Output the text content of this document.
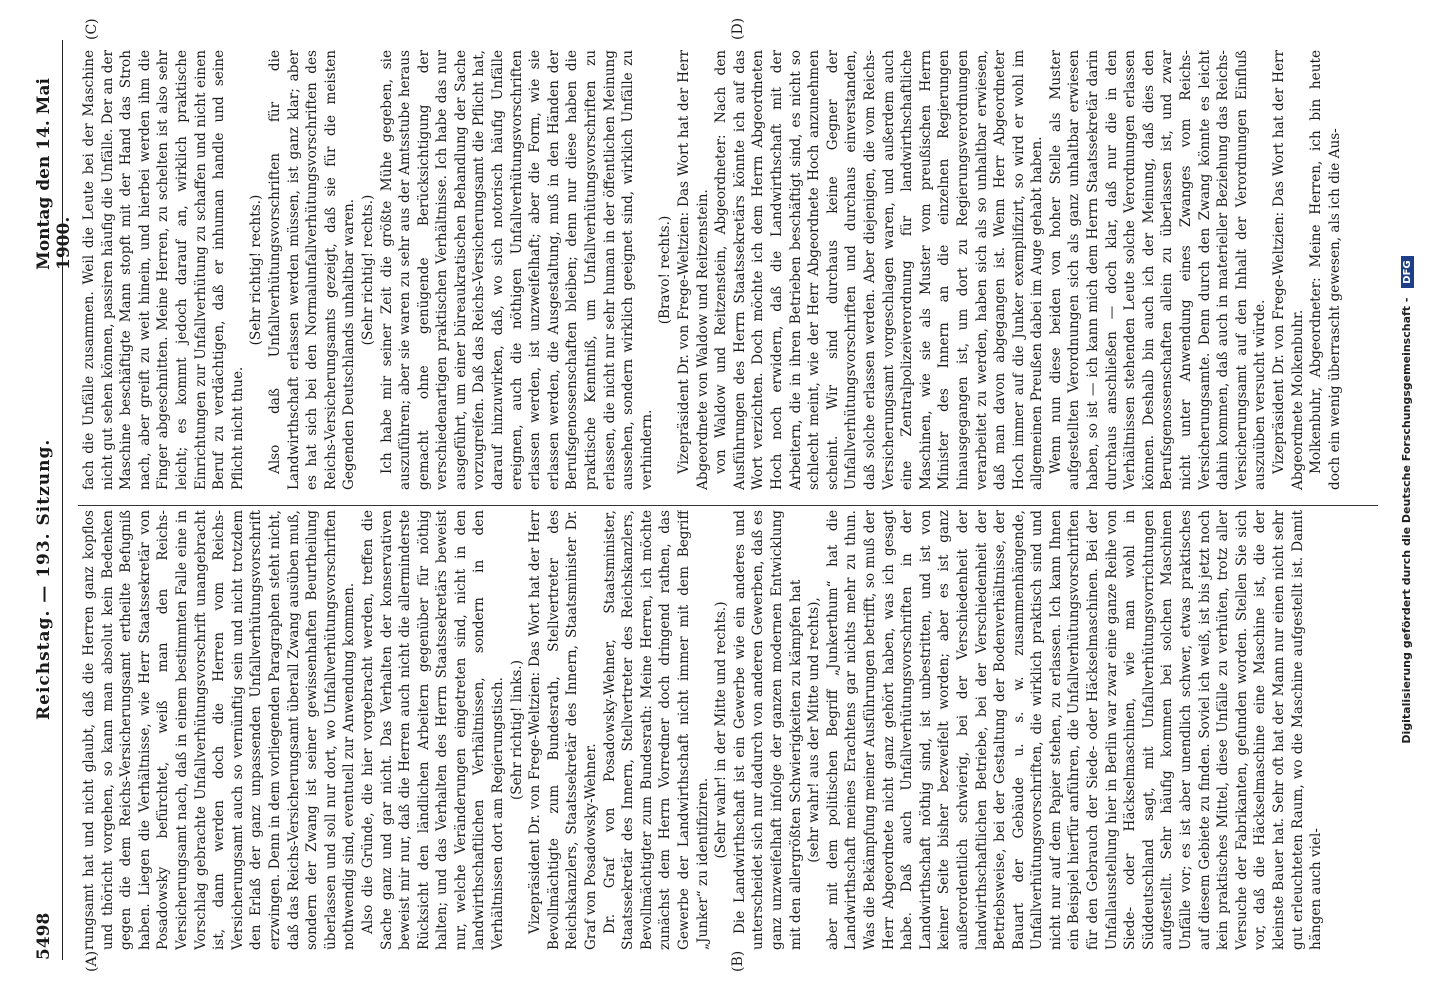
5498
Reichstag. — 193. Sitzung.
Montag den 14. Mai 1900.
(A)	(B)
(C)	(D)

rungsamt hat und nicht glaubt, daß die Herren ganz kopflos und thöricht vorgehen, so kann man absolut kein Bedenken gegen die dem Reichs-Versicherungsamt ertheilte Befugniß haben. Liegen die Verhältnisse, wie Herr Staatssekretär von Posadowsky befürchtet, weiß man den Reichs-Versicherungsamt nach, daß in einem bestimmten Falle eine in Vorschlag gebrachte Unfallverhütungsvorschrift unangebracht ist, dann werden doch die Herren vom Reichs-Versicherungsamt auch so vernünftig sein und nicht trotzdem den Erlaß der ganz unpassenden Unfallverhütungsvorschrift erzwingen. Denn in dem vorliegenden Paragraphen steht nicht, daß das Reichs-Versicherungsamt überall Zwang ausüben muß, sondern der Zwang ist seiner gewissenhaften Beurtheilung überlassen und soll nur dort, wo Unfallverhütungsvorschriften nothwendig sind, eventuell zur Anwendung kommen. Also die Gründe, die hier vorgebracht werden, treffen die Sache ganz und gar nicht. Das Verhalten der konservativen beweist mir nur, daß die Herren auch nicht die allerminderste Rücksicht den ländlichen Arbeitern gegenüber für nöthig halten; und das Verhalten des Herrn Staatssekretärs beweist nur, welche Veränderungen eingetreten sind, nicht in den landwirthschaftlichen Verhältnissen, sondern in den Verhältnissen dort am Regierungstisch. (Sehr richtig! links.) Vizepräsident Dr. von Frege-Weltzien: Das Wort hat der Herr Bevollmächtigte zum Bundesrath, Stellvertreter des Reichskanzlers, Staatssekretär des Innern, Staatsminister Dr. Graf von Posadowsky-Wehner. Dr. Graf von Posadowsky-Wehner, Staatsminister, Staatssekretär des Innern, Stellvertreter des Reichskanzlers, Bevollmächtigter zum Bundesrath: Meine Herren, ich möchte zunächst dem Herrn Vorredner doch dringend rathen, das Gewerbe der Landwirthschaft nicht immer mit dem Begriff „Junker“ zu identifiziren.

(Sehr wahr! in der Mitte und rechts.) Die Landwirthschaft ist ein Gewerbe wie ein anderes und unterscheidet sich nur dadurch von anderen Gewerben, daß es ganz unzweifelhaft infolge der ganzen modernen Entwicklung mit den allergrößten Schwierigkeiten zu kämpfen hat (sehr wahr! aus der Mitte und rechts), aber mit dem politischen Begriff „Junkerthum“ hat die Landwirthschaft meines Erachtens gar nichts mehr zu thun. Was die Bekämpfung meiner Ausführungen betrifft, so muß der Herr Abgeordnete nicht ganz gehört haben, was ich gesagt habe. Daß auch Unfallverhütungsvorschriften in der Landwirthschaft nöthig sind, ist unbestritten, und ist von keiner Seite bisher bezweifelt worden; aber es ist ganz außerordentlich schwierig, bei der Verschiedenheit der landwirthschaftlichen Betriebe, bei der Verschiedenheit der Betriebsweise, bei der Gestaltung der Bodenverhältnisse, der Bauart der Gebäude u. s. w. zusammenhängende, Unfallverhütungsvorschriften, die wirklich praktisch sind und nicht nur auf dem Papier stehen, zu erlassen. Ich kann Ihnen ein Beispiel hierfür anführen, die Unfallverhütungsvorschriften für den Gebrauch der Siede- oder Häckselmaschinen. Bei der Unfallausstellung hier in Berlin war zwar eine ganze Reihe von Siede- oder Häckselmaschinen, wie man wohl in Süddeutschland sagt, mit Unfallverhütungsvorrichtungen aufgestellt. Sehr häufig kommen bei solchen Maschinen Unfälle vor; es ist aber unendlich schwer, etwas praktisches auf diesem Gebiete zu finden. Soviel ich weiß, ist bis jetzt noch kein praktisches Mittel, diese Unfälle zu verhüten, trotz aller Versuche der Fabrikanten, gefunden worden. Stellen Sie sich vor, daß die Häckselmaschine eine Maschine ist, die der kleinste Bauer hat. Sehr oft hat der Mann nur einen nicht sehr gut erleuchteten Raum, wo die Maschine aufgestellt ist. Damit hängen auch viel-

fach die Unfälle zusammen. Weil die Leute bei der Maschine nicht gut sehen können, passiren häufig die Unfälle. Der an der Maschine beschäftigte Mann stopft mit der Hand das Stroh nach, aber greift zu weit hinein, und hierbei werden ihm die Finger abgeschnitten. Meine Herren, zu schelten ist also sehr leicht; es kommt jedoch darauf an, wirklich praktische Einrichtungen zur Unfallverhütung zu schaffen und nicht einen Beruf zu verdächtigen, daß er inhuman handle und seine Pflicht nicht thue.

(Sehr richtig! rechts.) Also daß Unfallverhütungsvorschriften für die Landwirthschaft erlassen werden müssen, ist ganz klar; aber es hat sich bei den Normalunfallverhütungsvorschriften des Reichs-Versicherungsamts gezeigt, daß sie für die meisten Gegenden Deutschlands unhaltbar waren. (Sehr richtig! rechts.) Ich habe mir seiner Zeit die größte Mühe gegeben, sie auszuführen; aber sie waren zu sehr aus der Amtsstube heraus gemacht ohne genügende Berücksichtigung der verschiedenartigen praktischen Verhältnisse. Ich habe das nur ausgeführt, um einer büreaukratischen Behandlung der Sache vorzugreifen. Daß das Reichs-Versicherungsamt die Pflicht hat, darauf hinzuwirken, daß, wo sich notorisch häufig Unfälle ereignen, auch die nöthigen Unfallverhütungsvorschriften erlassen werden, ist unzweifelhaft; aber die Form, wie sie erlassen werden, die Ausgestaltung, muß in den Händen der Berufsgenossenschaften bleiben; denn nur diese haben die praktische Kenntniß, um Unfallverhütungsvorschriften zu erlassen, die nicht nur sehr human in der öffentlichen Meinung aussehen, sondern wirklich geeignet sind, wirklich Unfälle zu verhindern.

(Bravo! rechts.) Vizepräsident Dr. von Frege-Weltzien: Das Wort hat der Herr Abgeordnete von Waldow und Reitzenstein. von Waldow und Reitzenstein, Abgeordneter: Nach den Ausführungen des Herrn Staatssekretärs könnte ich auf das Wort verzichten. Doch möchte ich dem Herrn Abgeordneten Hoch noch erwidern, daß die Landwirthschaft mit der Arbeitern, die in ihren Betrieben beschäftigt sind, es nicht so schlecht meint, wie der Herr Abgeordnete Hoch anzunehmen scheint. Wir sind durchaus keine Gegner der Unfallverhütungsvorschriften und durchaus einverstanden, daß solche erlassen werden. Aber diejenigen, die vom Reichs-Versicherungsamt vorgeschlagen waren, und außerdem auch eine Zentralpolizeiverordnung für landwirthschaftliche Maschinen, wie sie als Muster vom preußischen Herrn Minister des Innern an die einzelnen Regierungen hinausgegangen ist, um dort zu Regierungsverordnungen verarbeitet zu werden, haben sich als so unhaltbar erwiesen, daß man davon abgegangen ist. Wenn Herr Abgeordneter Hoch immer auf die Junker exemplifizirt, so wird er wohl im allgemeinen Preußen dabei im Auge gehabt haben. Wenn nun diese beiden von hoher Stelle als Muster aufgestellten Verordnungen sich als ganz unhaltbar erwiesen haben, so ist — ich kann mich dem Herrn Staatssekretär darin durchaus anschließen — doch klar, daß nur die in den Verhältnissen stehenden Leute solche Verordnungen erlassen können. Deshalb bin auch ich der Meinung, daß dies den Berufsgenossenschaften allein zu überlassen ist, und zwar nicht unter Anwendung eines Zwanges vom Reichs-Versicherungsamte. Denn durch den Zwang könnte es leicht dahin kommen, daß auch in materieller Beziehung das Reichs-Versicherungsamt auf den Inhalt der Verordnungen Einfluß auszuüben versucht würde. Vizepräsident Dr. von Frege-Weltzien: Das Wort hat der Herr Abgeordnete Molkenbuhr. Molkenbuhr, Abgeordneter: Meine Herren, ich bin heute doch ein wenig überrascht gewesen, als ich die Aus-	Digitalisierung gefördert durch die Deutsche Forschungsgemeinschaft - DFG
